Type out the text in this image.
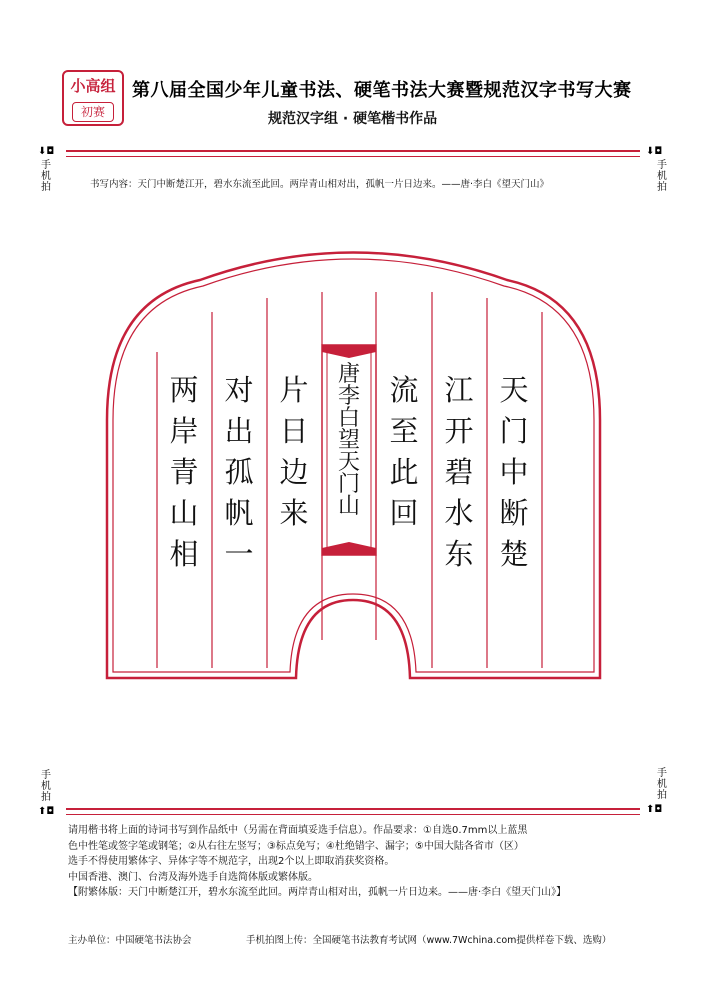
小高组
初赛
第八届全国少年儿童书法、硬笔书法大赛暨规范汉字书写大赛
规范汉字组 · 硬笔楷书作品
⬇◘	⬇◘
手机拍
手机拍
书写内容：天门中断楚江开，碧水东流至此回。两岸青山相对出，孤帆一片日边来。——唐·李白《望天门山》
天
门
中
断
楚
江
开
碧
水
东
流
至
此
回
片
日
边
来
对
出
孤
帆
一
两
岸
青
山
相
唐
李
白
望
天
门
山
手机拍
手机拍
⬆◘	⬆◘
请用楷书将上面的诗词书写到作品纸中（另需在背面填妥选手信息）。作品要求：①自选0.7mm以上蓝黑
色中性笔或签字笔或钢笔；②从右往左竖写；③标点免写；④杜绝错字、漏字；⑤中国大陆各省市（区）
选手不得使用繁体字、异体字等不规范字，出现2个以上即取消获奖资格。
中国香港、澳门、台湾及海外选手自选简体版或繁体版。
【附繁体版：天门中断楚江开，碧水东流至此回。两岸青山相对出，孤帆一片日边来。——唐·李白《望天门山》】
主办单位：中国硬笔书法协会	手机拍图上传：全国硬笔书法教育考试网（www.7Wchina.com提供样卷下载、选购）
